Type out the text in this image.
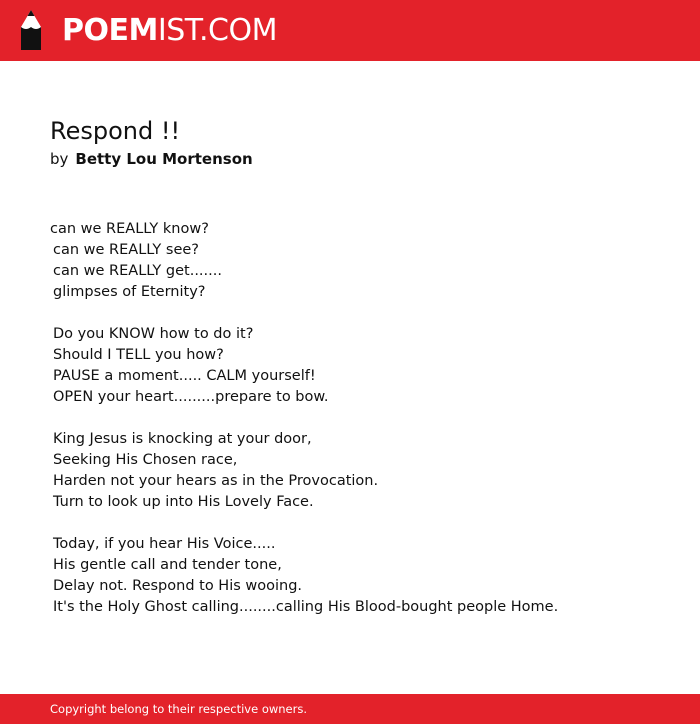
POEMIST.COM
Respond !!
by Betty Lou Mortenson
can we REALLY know?
can we REALLY see?
can we REALLY get.......
glimpses of Eternity?
Do you KNOW how to do it?
Should I TELL you how?
PAUSE a moment..... CALM yourself!
OPEN your heart.........prepare to bow.
King Jesus is knocking at your door,
Seeking His Chosen race,
Harden not your hears as in the Provocation.
Turn to look up into His Lovely Face.
Today, if you hear His Voice.....
His gentle call and tender tone,
Delay not. Respond to His wooing.
It's the Holy Ghost calling........calling His Blood-bought people Home.
Copyright belong to their respective owners.
